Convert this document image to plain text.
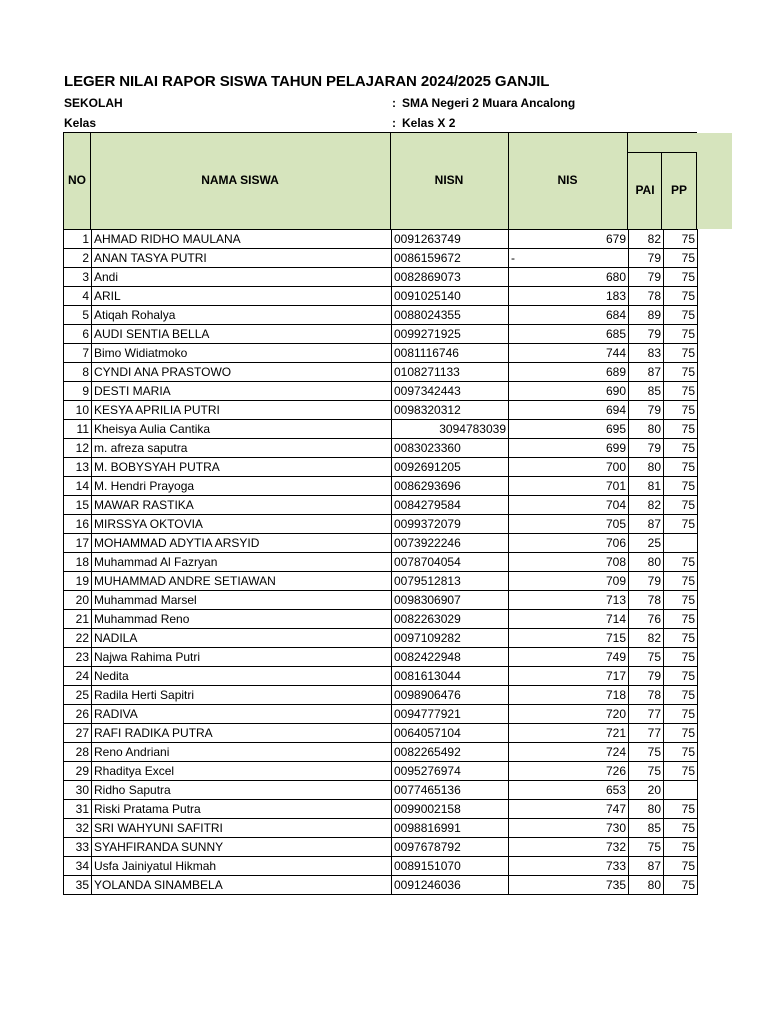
LEGER NILAI RAPOR SISWA TAHUN PELAJARAN 2024/2025 GANJIL
SEKOLAH	: SMA Negeri 2 Muara Ancalong
Kelas	: Kelas X 2
NO	NAMA SISWA	NISN	NIS
PAI	PP
1	AHMAD RIDHO MAULANA	0091263749	679	82	75
2	ANAN TASYA PUTRI	0086159672	-	79	75
3	Andi	0082869073	680	79	75
4	ARIL	0091025140	183	78	75
5	Atiqah Rohalya	0088024355	684	89	75
6	AUDI SENTIA BELLA	0099271925	685	79	75
7	Bimo Widiatmoko	0081116746	744	83	75
8	CYNDI ANA PRASTOWO	0108271133	689	87	75
9	DESTI MARIA	0097342443	690	85	75
10	KESYA APRILIA PUTRI	0098320312	694	79	75
11	Kheisya Aulia Cantika	3094783039	695	80	75
12	m. afreza saputra	0083023360	699	79	75
13	M. BOBYSYAH PUTRA	0092691205	700	80	75
14	M. Hendri Prayoga	0086293696	701	81	75
15	MAWAR RASTIKA	0084279584	704	82	75
16	MIRSSYA OKTOVIA	0099372079	705	87	75
17	MOHAMMAD ADYTIA ARSYID	0073922246	706	25	
18	Muhammad Al Fazryan	0078704054	708	80	75
19	MUHAMMAD ANDRE SETIAWAN	0079512813	709	79	75
20	Muhammad Marsel	0098306907	713	78	75
21	Muhammad Reno	0082263029	714	76	75
22	NADILA	0097109282	715	82	75
23	Najwa Rahima Putri	0082422948	749	75	75
24	Nedita	0081613044	717	79	75
25	Radila Herti Sapitri	0098906476	718	78	75
26	RADIVA	0094777921	720	77	75
27	RAFI RADIKA PUTRA	0064057104	721	77	75
28	Reno Andriani	0082265492	724	75	75
29	Rhaditya Excel	0095276974	726	75	75
30	Ridho Saputra	0077465136	653	20	
31	Riski Pratama Putra	0099002158	747	80	75
32	SRI WAHYUNI SAFITRI	0098816991	730	85	75
33	SYAHFIRANDA SUNNY	0097678792	732	75	75
34	Usfa Jainiyatul Hikmah	0089151070	733	87	75
35	YOLANDA SINAMBELA	0091246036	735	80	75
